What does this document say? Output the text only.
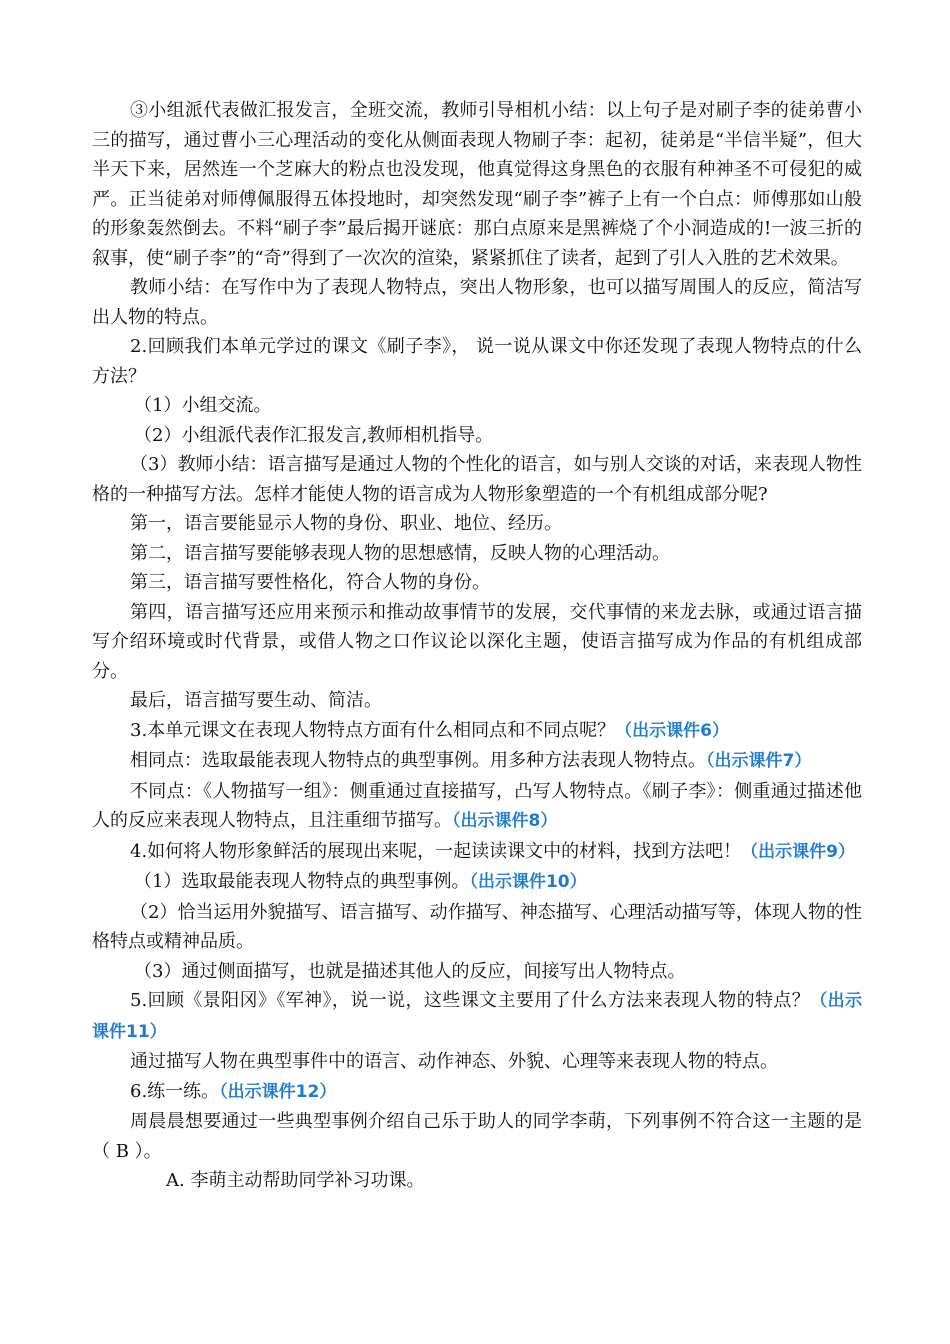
③小组派代表做汇报发言，全班交流，教师引导相机小结：以上句子是对刷子李的徒弟曹小三的描写，通过曹小三心理活动的变化从侧面表现人物刷子李：起初，徒弟是“半信半疑”，但大半天下来，居然连一个芝麻大的粉点也没发现，他真觉得这身黑色的衣服有种神圣不可侵犯的威严。正当徒弟对师傅佩服得五体投地时，却突然发现“刷子李”裤子上有一个白点：师傅那如山般的形象轰然倒去。不料“刷子李”最后揭开谜底：那白点原来是黑裤烧了个小洞造成的!一波三折的叙事，使“刷子李”的“奇”得到了一次次的渲染，紧紧抓住了读者，起到了引人入胜的艺术效果。

教师小结：在写作中为了表现人物特点，突出人物形象，也可以描写周围人的反应，简洁写出人物的特点。

2.回顾我们本单元学过的课文《刷子李》， 说一说从课文中你还发现了表现人物特点的什么方法？

（1）小组交流。

（2）小组派代表作汇报发言,教师相机指导。

（3）教师小结：语言描写是通过人物的个性化的语言，如与别人交谈的对话，来表现人物性格的一种描写方法。怎样才能使人物的语言成为人物形象塑造的一个有机组成部分呢?

第一，语言要能显示人物的身份、职业、地位、经历。

第二，语言描写要能够表现人物的思想感情，反映人物的心理活动。

第三，语言描写要性格化，符合人物的身份。

第四，语言描写还应用来预示和推动故事情节的发展，交代事情的来龙去脉，或通过语言描写介绍环境或时代背景，或借人物之口作议论以深化主题，使语言描写成为作品的有机组成部分。

最后，语言描写要生动、简洁。

3.本单元课文在表现人物特点方面有什么相同点和不同点呢？（出示课件6）

相同点：选取最能表现人物特点的典型事例。用多种方法表现人物特点。（出示课件7）

不同点：《人物描写一组》：侧重通过直接描写，凸写人物特点。《刷子李》：侧重通过描述他人的反应来表现人物特点，且注重细节描写。（出示课件8）

4.如何将人物形象鲜活的展现出来呢，一起读读课文中的材料，找到方法吧！（出示课件9）

（1）选取最能表现人物特点的典型事例。（出示课件10）

（2）恰当运用外貌描写、语言描写、动作描写、神态描写、心理活动描写等，体现人物的性格特点或精神品质。

（3）通过侧面描写，也就是描述其他人的反应，间接写出人物特点。

5.回顾《景阳冈》《军神》，说一说，这些课文主要用了什么方法来表现人物的特点？（出示课件11）

通过描写人物在典型事件中的语言、动作神态、外貌、心理等来表现人物的特点。

6.练一练。（出示课件12）

周晨晨想要通过一些典型事例介绍自己乐于助人的同学李萌，下列事例不符合这一主题的是（ B ）。

A. 李萌主动帮助同学补习功课。
